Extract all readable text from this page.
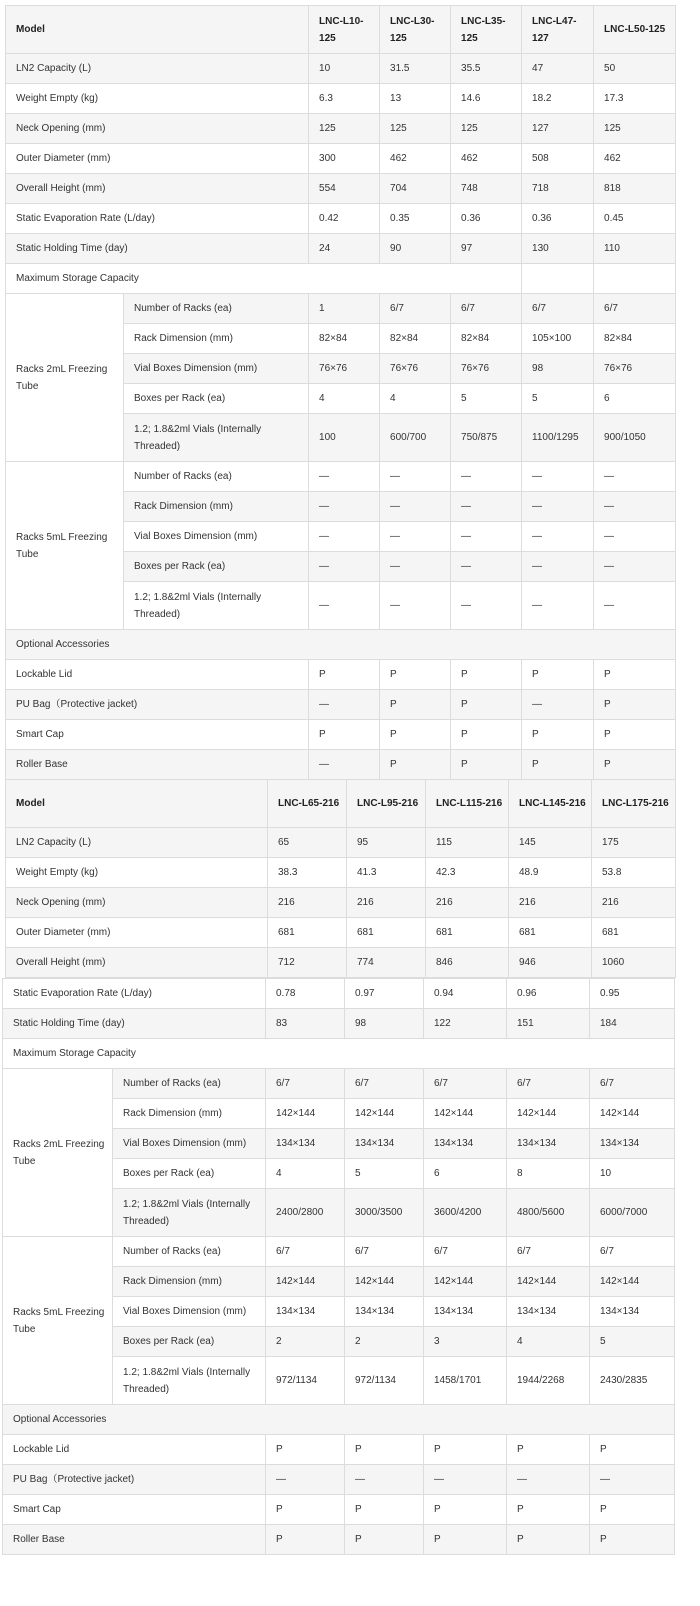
Model		LNC-L10-125	LNC-L30-125	LNC-L35-125	LNC-L47-127	LNC-L50-125
LN2 Capacity (L)		10	31.5	35.5	47	50
Weight Empty (kg)		6.3	13	14.6	18.2	17.3
Neck Opening (mm)		125	125	125	127	125
Outer Diameter (mm)		300	462	462	508	462
Overall Height (mm)		554	704	748	718	818
Static Evaporation Rate (L/day)		0.42	0.35	0.36	0.36	0.45
Static Holding Time (day)		24	90	97	130	110
Maximum Storage Capacity						
Racks 2mL Freezing Tube	Number of Racks (ea)	1	6/7	6/7	6/7	6/7
	Rack Dimension (mm)	82×84	82×84	82×84	105×100	82×84
	Vial Boxes Dimension (mm)	76×76	76×76	76×76	98	76×76
	Boxes per Rack (ea)	4	4	5	5	6
	1.2; 1.8&2ml Vials (Internally Threaded)	100	600/700	750/875	1100/1295	900/1050
Racks 5mL Freezing Tube	Number of Racks (ea)	—	—	—	—	—
	Rack Dimension (mm)	—	—	—	—	—
	Vial Boxes Dimension (mm)	—	—	—	—	—
	Boxes per Rack (ea)	—	—	—	—	—
	1.2; 1.8&2ml Vials (Internally Threaded)	—	—	—	—	—
Optional Accessories						
Lockable Lid		P	P	P	P	P
PU Bag（Protective jacket)		—	P	P	—	P
Smart Cap		P	P	P	P	P
Roller Base		—	P	P	P	P
Model	LNC-L65-216	LNC-L95-216	LNC-L115-216	LNC-L145-216	LNC-L175-216
LN2 Capacity (L)	65	95	115	145	175
Weight Empty (kg)	38.3	41.3	42.3	48.9	53.8
Neck Opening (mm)	216	216	216	216	216
Outer Diameter (mm)	681	681	681	681	681
Overall Height (mm)	712	774	846	946	1060
Static Evaporation Rate (L/day)		0.78	0.97	0.94	0.96	0.95
Static Holding Time (day)		83	98	122	151	184
Maximum Storage Capacity						
Racks 2mL Freezing Tube	Number of Racks (ea)	6/7	6/7	6/7	6/7	6/7
	Rack Dimension (mm)	142×144	142×144	142×144	142×144	142×144
	Vial Boxes Dimension (mm)	134×134	134×134	134×134	134×134	134×134
	Boxes per Rack (ea)	4	5	6	8	10
	1.2; 1.8&2ml Vials (Internally Threaded)	2400/2800	3000/3500	3600/4200	4800/5600	6000/7000
Racks 5mL Freezing Tube	Number of Racks (ea)	6/7	6/7	6/7	6/7	6/7
	Rack Dimension (mm)	142×144	142×144	142×144	142×144	142×144
	Vial Boxes Dimension (mm)	134×134	134×134	134×134	134×134	134×134
	Boxes per Rack (ea)	2	2	3	4	5
	1.2; 1.8&2ml Vials (Internally Threaded)	972/1134	972/1134	1458/1701	1944/2268	2430/2835
Optional Accessories						
Lockable Lid		P	P	P	P	P
PU Bag（Protective jacket)		—	—	—	—	—
Smart Cap		P	P	P	P	P
Roller Base		P	P	P	P	P
